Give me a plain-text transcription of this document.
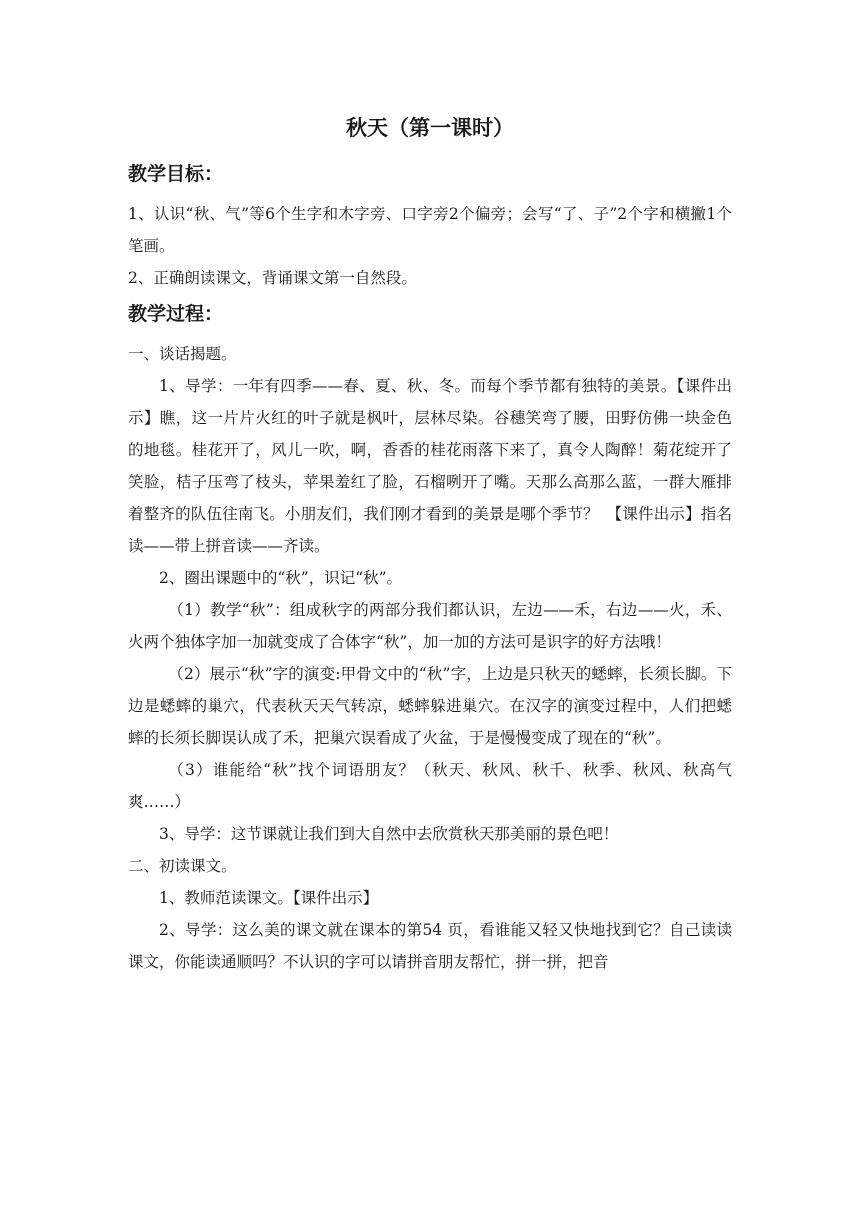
秋天（第一课时）
教学目标：

1、认识“秋、气”等6个生字和木字旁、口字旁2个偏旁；会写“了、子”2个字和横撇1个笔画。

2、正确朗读课文，背诵课文第一自然段。

教学过程：

一、谈话揭题。

1、导学：一年有四季——春、夏、秋、冬。而每个季节都有独特的美景。【课件出示】瞧，这一片片火红的叶子就是枫叶，层林尽染。谷穗笑弯了腰，田野仿佛一块金色的地毯。桂花开了，风儿一吹，啊，香香的桂花雨落下来了，真令人陶醉！菊花绽开了笑脸，桔子压弯了枝头，苹果羞红了脸，石榴咧开了嘴。天那么高那么蓝，一群大雁排着整齐的队伍往南飞。小朋友们，我们刚才看到的美景是哪个季节？　【课件出示】指名读——带上拼音读——齐读。

2、圈出课题中的“秋”，识记“秋”。

（1）教学“秋”：组成秋字的两部分我们都认识，左边——禾，右边——火，禾、火两个独体字加一加就变成了合体字“秋”，加一加的方法可是识字的好方法哦！

（2）展示“秋”字的演变:甲骨文中的“秋”字，上边是只秋天的蟋蟀，长须长脚。下边是蟋蟀的巢穴，代表秋天天气转凉，蟋蟀躲进巢穴。在汉字的演变过程中，人们把蟋蟀的长须长脚误认成了禾，把巢穴误看成了火盆，于是慢慢变成了现在的“秋”。

（3）谁能给“秋”找个词语朋友？（秋天、秋风、秋千、秋季、秋风、秋高气爽……）

3、导学：这节课就让我们到大自然中去欣赏秋天那美丽的景色吧！

二、初读课文。

1、教师范读课文。【课件出示】

2、导学：这么美的课文就在课本的第54 页，看谁能又轻又快地找到它？自己读读课文，你能读通顺吗？不认识的字可以请拼音朋友帮忙，拼一拼，把音
